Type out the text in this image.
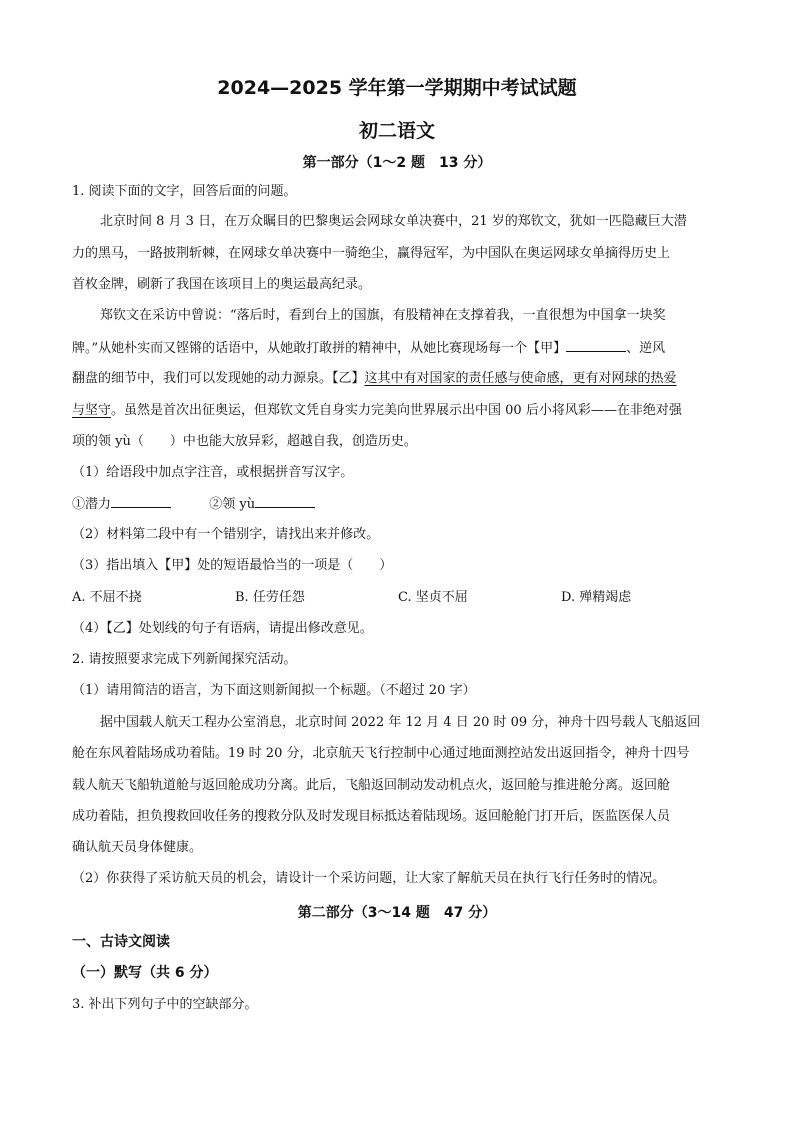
2024—2025 学年第一学期期中考试试题
初二语文
第一部分（1～2 题　13 分）
1. 阅读下面的文字，回答后面的问题。
北京时间 8 月 3 日，在万众瞩目的巴黎奥运会网球女单决赛中，21 岁的郑钦文，犹如一匹隐藏巨大潜
力的黑马，一路披荆斩棘，在网球女单决赛中一骑绝尘，赢得冠军，为中国队在奥运网球女单摘得历史上
首枚金牌，刷新了我国在该项目上的奥运最高纪录。
郑钦文在采访中曾说：“落后时，看到台上的国旗，有股精神在支撑着我，一直很想为中国拿一块奖
牌。”从她朴实而又铿锵的话语中，从她敢打敢拼的精神中，从她比赛现场每一个【甲】	、逆风
翻盘的细节中，我们可以发现她的动力源泉。【乙】这其中有对国家的责任感与使命感，更有对网球的热爱
与坚守。虽然是首次出征奥运，但郑钦文凭自身实力完美向世界展示出中国 00 后小将风彩——在非绝对强
项的领 yù（　　）中也能大放异彩，超越自我，创造历史。
（1）给语段中加点字注音，或根据拼音写汉字。
①潜力	②领 yù
（2）材料第二段中有一个错别字，请找出来并修改。
（3）指出填入【甲】处的短语最恰当的一项是（　　）
A. 不屈不挠	B. 任劳任怨	C. 坚贞不屈	D. 殚精竭虑
（4）【乙】处划线的句子有语病，请提出修改意见。
2. 请按照要求完成下列新闻探究活动。
（1）请用简洁的语言，为下面这则新闻拟一个标题。（不超过 20 字）
据中国载人航天工程办公室消息，北京时间 2022 年 12 月 4 日 20 时 09 分，神舟十四号载人飞船返回
舱在东风着陆场成功着陆。19 时 20 分，北京航天飞行控制中心通过地面测控站发出返回指令，神舟十四号
载人航天飞船轨道舱与返回舱成功分离。此后，飞船返回制动发动机点火，返回舱与推进舱分离。返回舱
成功着陆，担负搜救回收任务的搜救分队及时发现目标抵达着陆现场。返回舱舱门打开后，医监医保人员
确认航天员身体健康。
（2）你获得了采访航天员的机会，请设计一个采访问题，让大家了解航天员在执行飞行任务时的情况。
第二部分（3～14 题　47 分）
一、古诗文阅读
（一）默写（共 6 分）
3. 补出下列句子中的空缺部分。
